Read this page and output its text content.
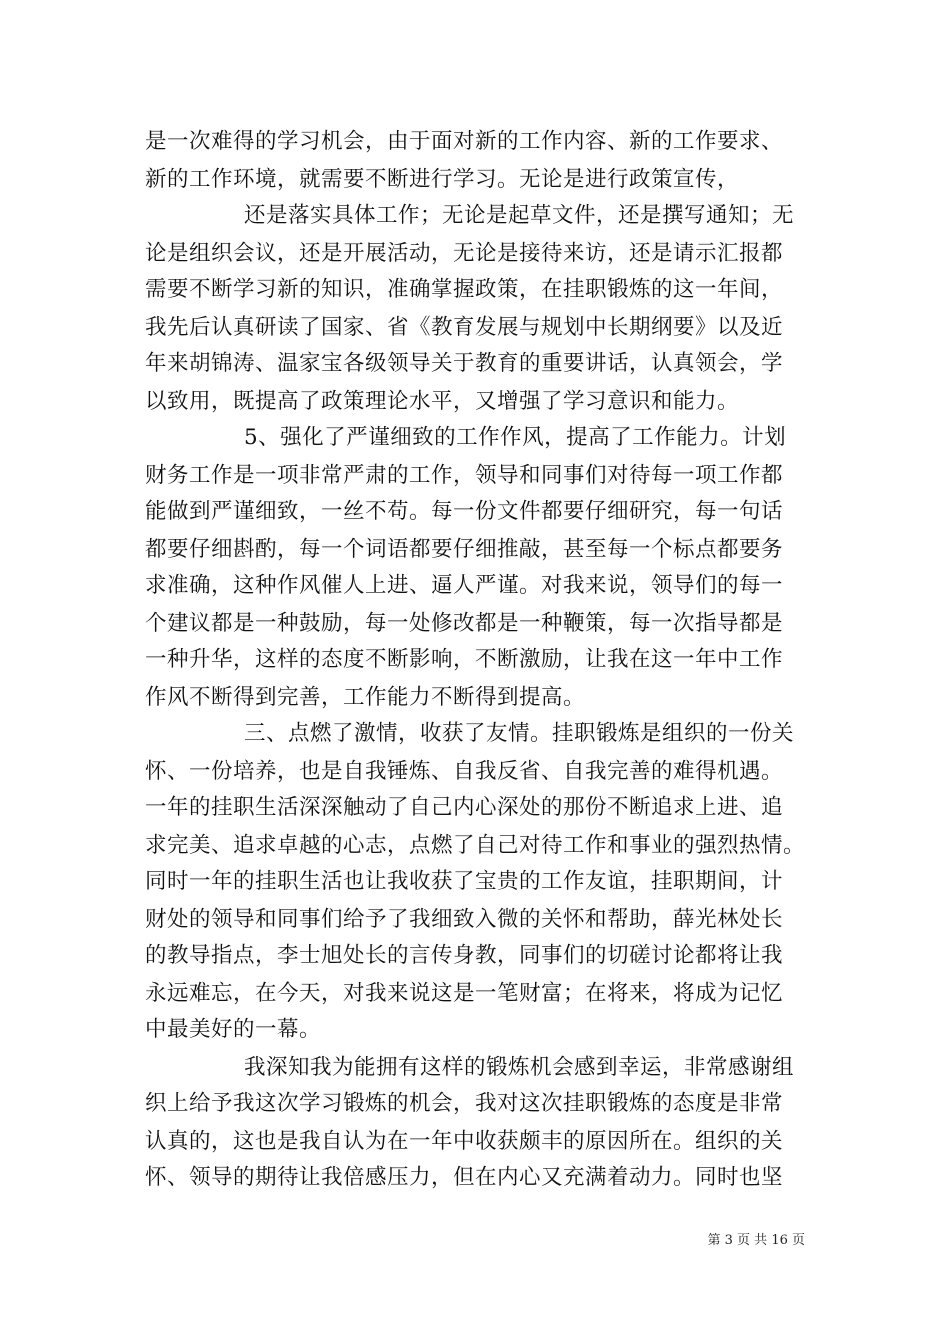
是一次难得的学习机会，由于面对新的工作内容、新的工作要求、
新的工作环境，就需要不断进行学习。无论是进行政策宣传，
还是落实具体工作；无论是起草文件，还是撰写通知；无
论是组织会议，还是开展活动，无论是接待来访，还是请示汇报都
需要不断学习新的知识，准确掌握政策，在挂职锻炼的这一年间，
我先后认真研读了国家、省《教育发展与规划中长期纲要》以及近
年来胡锦涛、温家宝各级领导关于教育的重要讲话，认真领会，学
以致用，既提高了政策理论水平，又增强了学习意识和能力。
5、强化了严谨细致的工作作风，提高了工作能力。计划
财务工作是一项非常严肃的工作，领导和同事们对待每一项工作都
能做到严谨细致，一丝不苟。每一份文件都要仔细研究，每一句话
都要仔细斟酌，每一个词语都要仔细推敲，甚至每一个标点都要务
求准确，这种作风催人上进、逼人严谨。对我来说，领导们的每一
个建议都是一种鼓励，每一处修改都是一种鞭策，每一次指导都是
一种升华，这样的态度不断影响，不断激励，让我在这一年中工作
作风不断得到完善，工作能力不断得到提高。
三、点燃了激情，收获了友情。挂职锻炼是组织的一份关
怀、一份培养，也是自我锤炼、自我反省、自我完善的难得机遇。
一年的挂职生活深深触动了自己内心深处的那份不断追求上进、追
求完美、追求卓越的心志，点燃了自己对待工作和事业的强烈热情。
同时一年的挂职生活也让我收获了宝贵的工作友谊，挂职期间，计
财处的领导和同事们给予了我细致入微的关怀和帮助，薛光林处长
的教导指点，李士旭处长的言传身教，同事们的切磋讨论都将让我
永远难忘，在今天，对我来说这是一笔财富；在将来，将成为记忆
中最美好的一幕。
我深知我为能拥有这样的锻炼机会感到幸运，非常感谢组
织上给予我这次学习锻炼的机会，我对这次挂职锻炼的态度是非常
认真的，这也是我自认为在一年中收获颇丰的原因所在。组织的关
怀、领导的期待让我倍感压力，但在内心又充满着动力。同时也坚
第 3 页 共 16 页
